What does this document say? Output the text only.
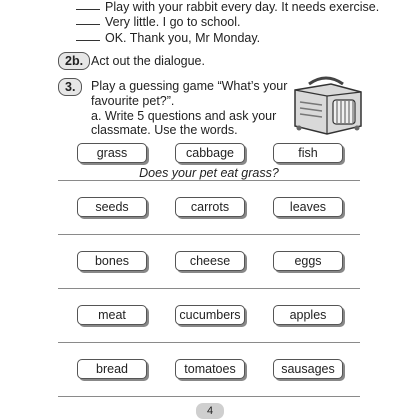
Play with your rabbit every day. It needs exercise.
Very little. I go to school.
OK. Thank you, Mr Monday.
2b. Act out the dialogue.
3.	Play a guessing game “What’s your
favourite pet?”.
a. Write 5 questions and ask your
classmate. Use the words.
grass	cabbage	fish
Does your pet eat grass?
seeds	carrots	leaves
bones	cheese	eggs
meat	cucumbers	apples
bread	tomatoes	sausages
4
